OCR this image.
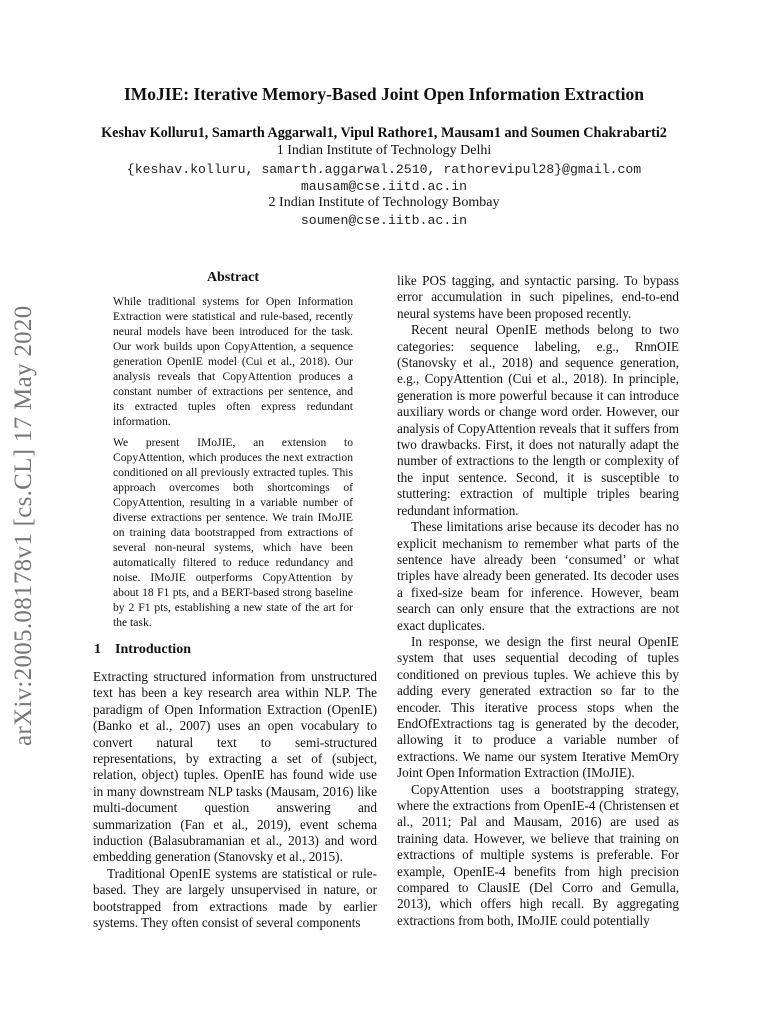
arXiv:2005.08178v1 [cs.CL] 17 May 2020
IMoJIE: Iterative Memory-Based Joint Open Information Extraction
Keshav Kolluru1, Samarth Aggarwal1, Vipul Rathore1, Mausam1 and Soumen Chakrabarti2
1 Indian Institute of Technology Delhi
{keshav.kolluru, samarth.aggarwal.2510, rathorevipul28}@gmail.com
mausam@cse.iitd.ac.in
2 Indian Institute of Technology Bombay
soumen@cse.iitb.ac.in
Abstract

While traditional systems for Open Information Extraction were statistical and rule-based, recently neural models have been introduced for the task. Our work builds upon CopyAttention, a sequence generation OpenIE model (Cui et al., 2018). Our analysis reveals that CopyAttention produces a constant number of extractions per sentence, and its extracted tuples often express redundant information.

We present IMoJIE, an extension to CopyAttention, which produces the next extraction conditioned on all previously extracted tuples. This approach overcomes both shortcomings of CopyAttention, resulting in a variable number of diverse extractions per sentence. We train IMoJIE on training data bootstrapped from extractions of several non-neural systems, which have been automatically filtered to reduce redundancy and noise. IMoJIE outperforms CopyAttention by about 18 F1 pts, and a BERT-based strong baseline by 2 F1 pts, establishing a new state of the art for the task.

1 Introduction

Extracting structured information from unstructured text has been a key research area within NLP. The paradigm of Open Information Extraction (OpenIE) (Banko et al., 2007) uses an open vocabulary to convert natural text to semi-structured representations, by extracting a set of (subject, relation, object) tuples. OpenIE has found wide use in many downstream NLP tasks (Mausam, 2016) like multi-document question answering and summarization (Fan et al., 2019), event schema induction (Balasubramanian et al., 2013) and word embedding generation (Stanovsky et al., 2015).

Traditional OpenIE systems are statistical or rule-based. They are largely unsupervised in nature, or bootstrapped from extractions made by earlier systems. They often consist of several components

like POS tagging, and syntactic parsing. To bypass error accumulation in such pipelines, end-to-end neural systems have been proposed recently.

Recent neural OpenIE methods belong to two categories: sequence labeling, e.g., RnnOIE (Stanovsky et al., 2018) and sequence generation, e.g., CopyAttention (Cui et al., 2018). In principle, generation is more powerful because it can introduce auxiliary words or change word order. However, our analysis of CopyAttention reveals that it suffers from two drawbacks. First, it does not naturally adapt the number of extractions to the length or complexity of the input sentence. Second, it is susceptible to stuttering: extraction of multiple triples bearing redundant information.

These limitations arise because its decoder has no explicit mechanism to remember what parts of the sentence have already been ‘consumed’ or what triples have already been generated. Its decoder uses a fixed-size beam for inference. However, beam search can only ensure that the extractions are not exact duplicates.

In response, we design the first neural OpenIE system that uses sequential decoding of tuples conditioned on previous tuples. We achieve this by adding every generated extraction so far to the encoder. This iterative process stops when the EndOfExtractions tag is generated by the decoder, allowing it to produce a variable number of extractions. We name our system Iterative MemOry Joint Open Information Extraction (IMoJIE).

CopyAttention uses a bootstrapping strategy, where the extractions from OpenIE-4 (Christensen et al., 2011; Pal and Mausam, 2016) are used as training data. However, we believe that training on extractions of multiple systems is preferable. For example, OpenIE-4 benefits from high precision compared to ClausIE (Del Corro and Gemulla, 2013), which offers high recall. By aggregating extractions from both, IMoJIE could potentially
